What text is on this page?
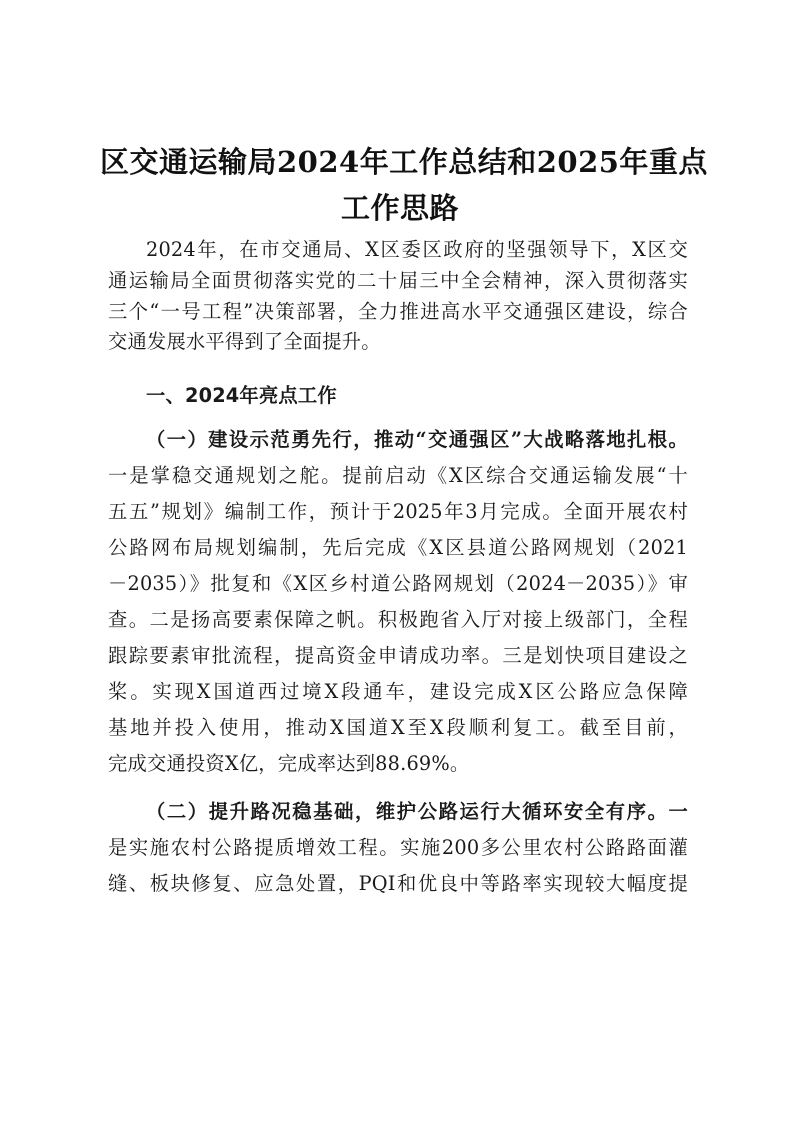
区交通运输局2024年工作总结和2025年重点
工作思路
2024年，在市交通局、X区委区政府的坚强领导下，X区交
通运输局全面贯彻落实党的二十届三中全会精神，深入贯彻落实
三个“一号工程”决策部署，全力推进高水平交通强区建设，综合
交通发展水平得到了全面提升。
一、2024年亮点工作
（一）建设示范勇先行，推动“交通强区”大战略落地扎根。
一是掌稳交通规划之舵。提前启动《X区综合交通运输发展“十
五五”规划》编制工作，预计于2025年3月完成。全面开展农村
公路网布局规划编制，先后完成《X区县道公路网规划（2021
－2035）》批复和《X区乡村道公路网规划（2024－2035）》审
查。二是扬高要素保障之帆。积极跑省入厅对接上级部门，全程
跟踪要素审批流程，提高资金申请成功率。三是划快项目建设之
桨。实现X国道西过境X段通车，建设完成X区公路应急保障
基地并投入使用，推动X国道X至X段顺利复工。截至目前，
完成交通投资X亿，完成率达到88.69%。
（二）提升路况稳基础，维护公路运行大循环安全有序。一
是实施农村公路提质增效工程。实施200多公里农村公路路面灌
缝、板块修复、应急处置，PQI和优良中等路率实现较大幅度提
